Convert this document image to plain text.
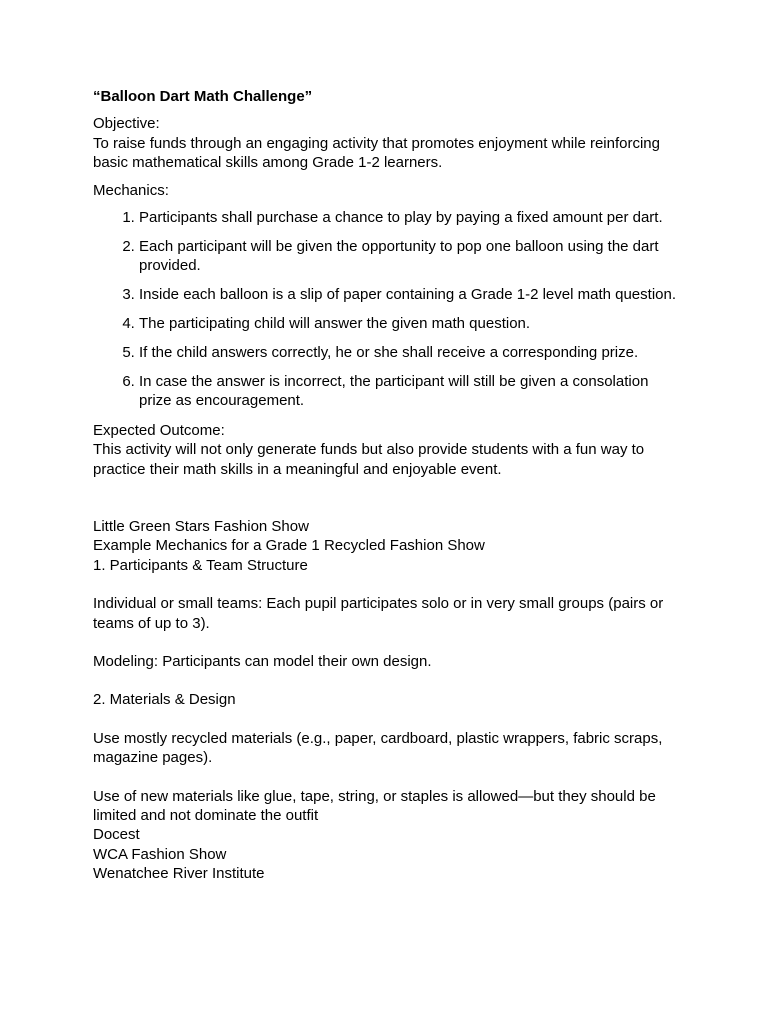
“Balloon Dart Math Challenge”
Objective:
To raise funds through an engaging activity that promotes enjoyment while reinforcing basic mathematical skills among Grade 1-2 learners.
Mechanics:
1. Participants shall purchase a chance to play by paying a fixed amount per dart.
2. Each participant will be given the opportunity to pop one balloon using the dart provided.
3. Inside each balloon is a slip of paper containing a Grade 1-2 level math question.
4. The participating child will answer the given math question.
5. If the child answers correctly, he or she shall receive a corresponding prize.
6. In case the answer is incorrect, the participant will still be given a consolation prize as encouragement.
Expected Outcome:
This activity will not only generate funds but also provide students with a fun way to practice their math skills in a meaningful and enjoyable event.
Little Green Stars Fashion Show
Example Mechanics for a Grade 1 Recycled Fashion Show
1. Participants & Team Structure
Individual or small teams: Each pupil participates solo or in very small groups (pairs or teams of up to 3).
Modeling: Participants can model their own design.
2. Materials & Design
Use mostly recycled materials (e.g., paper, cardboard, plastic wrappers, fabric scraps, magazine pages).
Use of new materials like glue, tape, string, or staples is allowed—but they should be limited and not dominate the outfit
Docest
WCA Fashion Show
Wenatchee River Institute
